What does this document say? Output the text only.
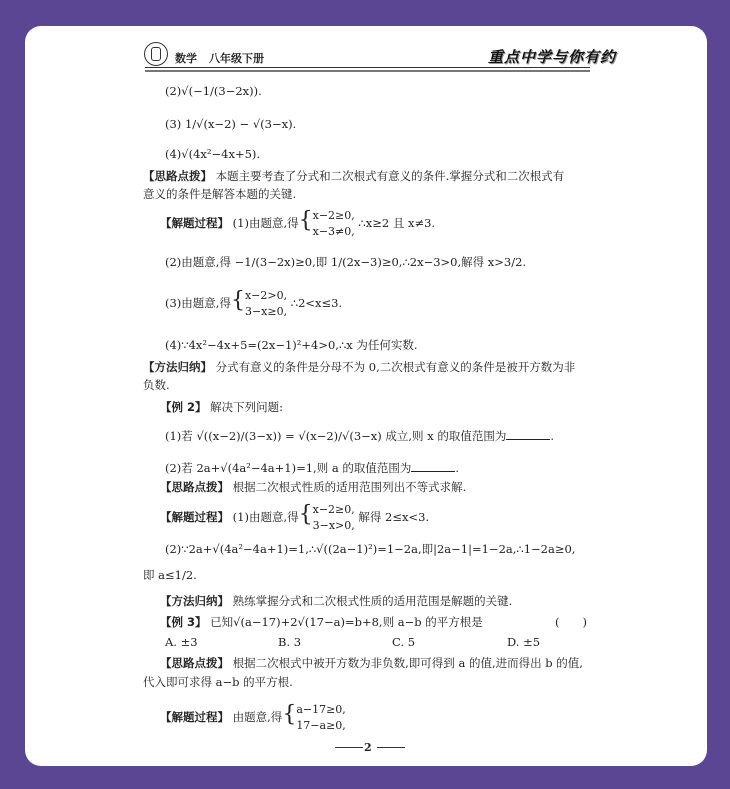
数学 八年级下册	重点中学与你有约
(2)√(−1/(3−2x)).
(3) 1/√(x−2) − √(3−x).
(4)√(4x²−4x+5).
【思路点拨】 本题主要考查了分式和二次根式有意义的条件.掌握分式和二次根式有
意义的条件是解答本题的关键.
【解题过程】 (1)由题意,得{x−2≥0,
x−3≠0, ∴x≥2 且 x≠3.
(2)由题意,得 −1/(3−2x)≥0,即 1/(2x−3)≥0,∴2x−3>0,解得 x>3/2.
(3)由题意,得{x−2>0,
3−x≥0, ∴2<x≤3.
(4)∵4x²−4x+5=(2x−1)²+4>0,∴x 为任何实数.
【方法归纳】 分式有意义的条件是分母不为 0,二次根式有意义的条件是被开方数为非
负数.
【例 2】 解决下列问题:
(1)若 √((x−2)/(3−x)) = √(x−2)/√(3−x) 成立,则 x 的取值范围为	.
(2)若 2a+√(4a²−4a+1)=1,则 a 的取值范围为	.
【思路点拨】 根据二次根式性质的适用范围列出不等式求解.
【解题过程】 (1)由题意,得{x−2≥0,
3−x>0, 解得 2≤x<3.
(2)∵2a+√(4a²−4a+1)=1,∴√((2a−1)²)=1−2a,即|2a−1|=1−2a,∴1−2a≥0,
即 a≤1/2.
【方法归纳】 熟练掌握分式和二次根式性质的适用范围是解题的关键.
【例 3】 已知√(a−17)+2√(17−a)=b+8,则 a−b 的平方根是	(　　)
A. ±3	B. 3	C. 5	D. ±5
【思路点拨】 根据二次根式中被开方数为非负数,即可得到 a 的值,进而得出 b 的值,
代入即可求得 a−b 的平方根.
【解题过程】 由题意,得{a−17≥0,
17−a≥0,
2
